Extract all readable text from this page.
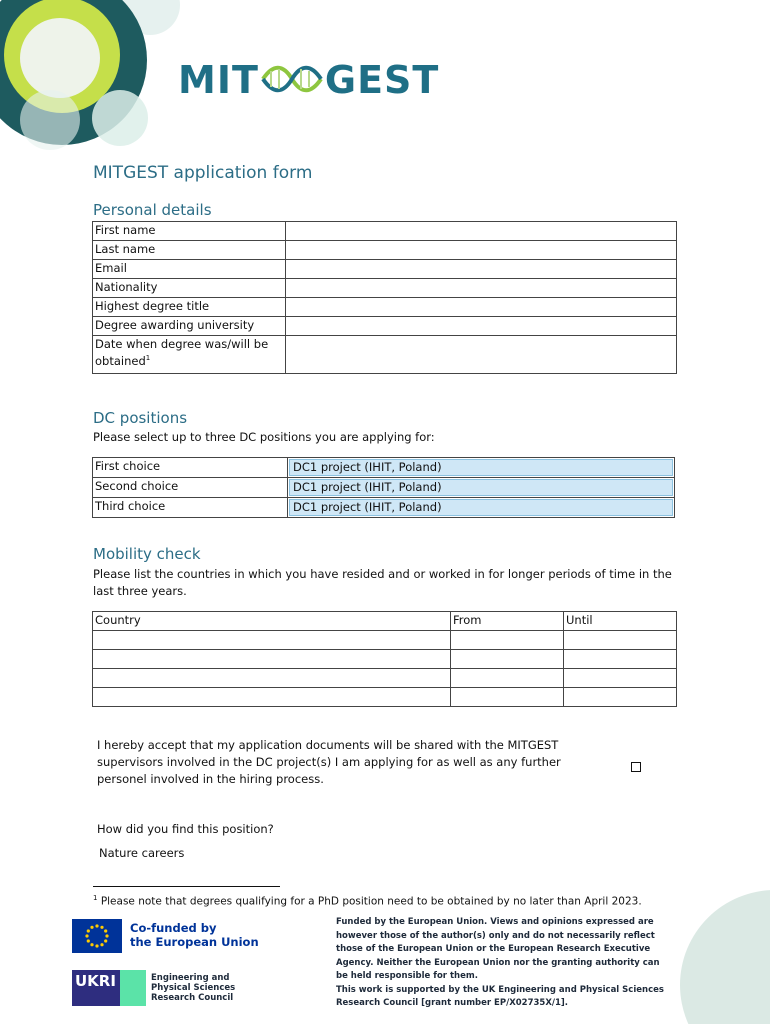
MIT GEST
MITGEST application form
Personal details
First name	
Last name	
Email	
Nationality	
Highest degree title	
Degree awarding university	
Date when degree was/will be obtained$^1$	
DC positions
Please select up to three DC positions you are applying for:
First choice	DC1 project (IHIT, Poland)

Second choice	DC1 project (IHIT, Poland)

Third choice	DC1 project (IHIT, Poland)
Mobility check
Please list the countries in which you have resided and or worked in for longer periods of time in the last three years.
Country	From	Until

I hereby accept that my application documents will be shared with the MITGEST supervisors involved in the DC project(s) I am applying for as well as any further personel involved in the hiring process.
How did you find this position?
Nature careers
$^1$ Please note that degrees qualifying for a PhD position need to be obtained by no later than April 2023.
Co-funded by
the European Union
UKRI	Engineering and
Physical Sciences
Research Council
Funded by the European Union. Views and opinions expressed are however those of the author(s) only and do not necessarily reflect those of the European Union or the European Research Executive Agency. Neither the European Union nor the granting authority can be held responsible for them.
This work is supported by the UK Engineering and Physical Sciences Research Council [grant number EP/X02735X/1].
